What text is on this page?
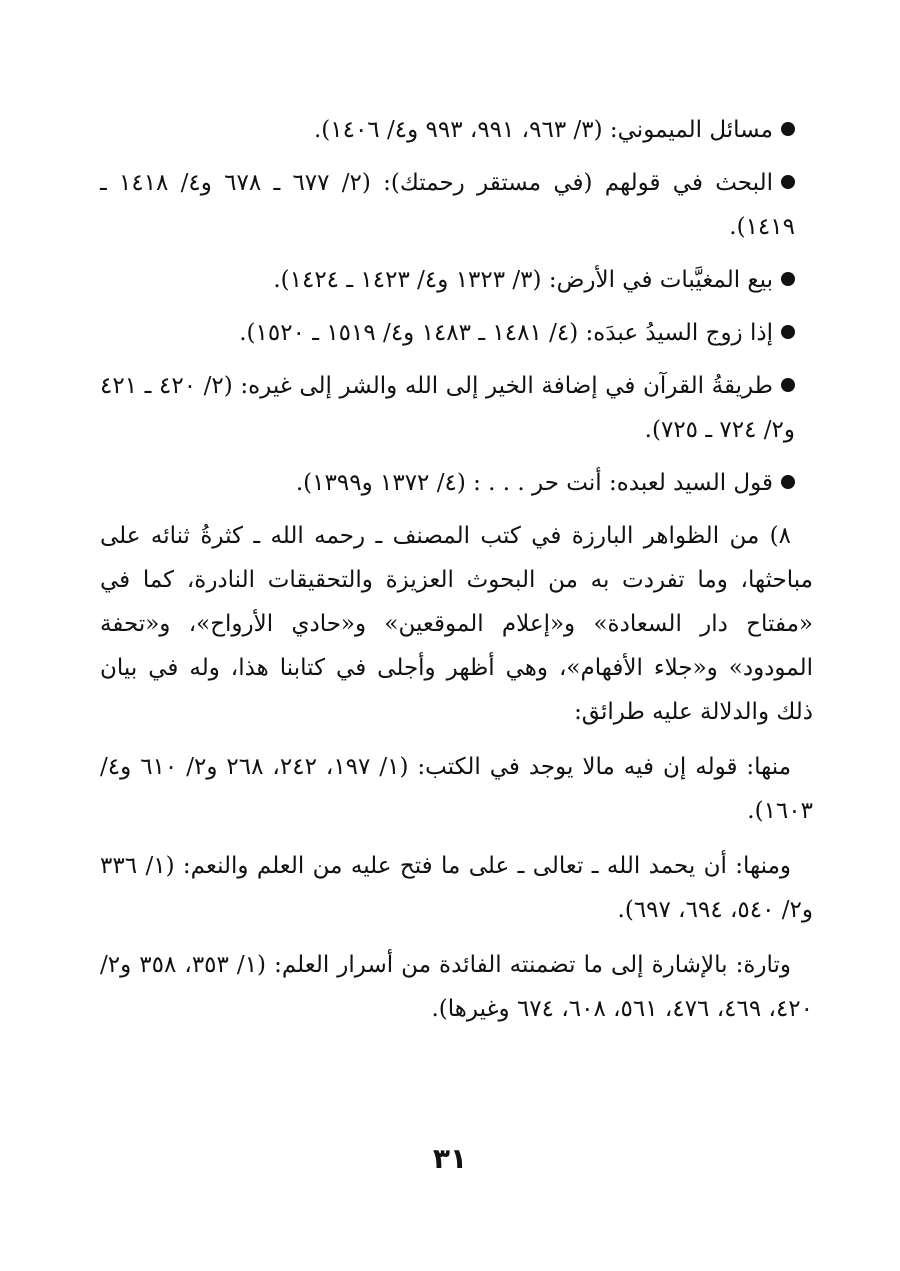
مسائل الميموني: (٣/ ٩٦٣، ٩٩١، ٩٩٣ و٤/ ١٤٠٦).

البحث في قولهم (في مستقر رحمتك): (٢/ ٦٧٧ ـ ٦٧٨ و٤/ ١٤١٨ ـ ١٤١٩).

بيع المغيَّبات في الأرض: (٣/ ١٣٢٣ و٤/ ١٤٢٣ ـ ١٤٢٤).

إذا زوج السيدُ عبدَه: (٤/ ١٤٨١ ـ ١٤٨٣ و٤/ ١٥١٩ ـ ١٥٢٠).

طريقةُ القرآن في إضافة الخير إلى الله والشر إلى غيره: (٢/ ٤٢٠ ـ ٤٢١ و٢/ ٧٢٤ ـ ٧٢٥).

قول السيد لعبده: أنت حر . . . : (٤/ ١٣٧٢ و١٣٩٩).

٨) من الظواهر البارزة في كتب المصنف ـ رحمه الله ـ كثرةُ ثنائه على مباحثها، وما تفردت به من البحوث العزيزة والتحقيقات النادرة، كما في «مفتاح دار السعادة» و«إعلام الموقعين» و«حادي الأرواح»، و«تحفة المودود» و«جلاء الأفهام»، وهي أظهر وأجلى في كتابنا هذا، وله في بيان ذلك والدلالة عليه طرائق:

منها: قوله إن فيه مالا يوجد في الكتب: (١/ ١٩٧، ٢٤٢، ٢٦٨ و٢/ ٦١٠ و٤/ ١٦٠٣).

ومنها: أن يحمد الله ـ تعالى ـ على ما فتح عليه من العلم والنعم: (١/ ٣٣٦ و٢/ ٥٤٠، ٦٩٤، ٦٩٧).

وتارة: بالإشارة إلى ما تضمنته الفائدة من أسرار العلم: (١/ ٣٥٣، ٣٥٨ و٢/ ٤٢٠، ٤٦٩، ٤٧٦، ٥٦١، ٦٠٨، ٦٧٤ وغيرها).

٣١
